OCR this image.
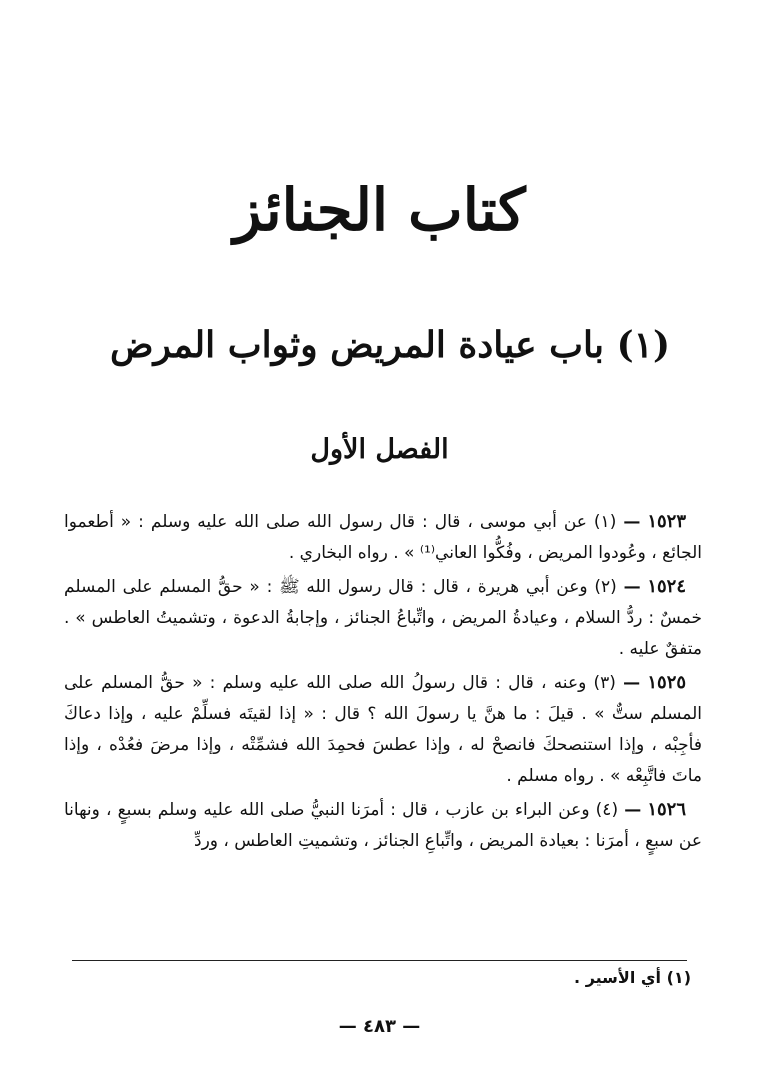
كتاب الجنائز
(١) باب عيادة المريض وثواب المرض
الفصل الأول

١٥٢٣ — (١) عن أبي موسى ، قال : قال رسول الله صلى الله عليه وسلم : « أطعموا الجائع ، وعُودوا المريض ، وفُكُّوا العاني⁽¹⁾ » . رواه البخاري .

١٥٢٤ — (٢) وعن أبي هريرة ، قال : قال رسول الله ﷺ : « حقُّ المسلم على المسلم خمسٌ : ردُّ السلام ، وعيادةُ المريض ، واتِّباعُ الجنائز ، وإجابةُ الدعوة ، وتشميتُ العاطس » . متفقٌ عليه .

١٥٢٥ — (٣) وعنه ، قال : قال رسولُ الله صلى الله عليه وسلم : « حقُّ المسلم على المسلم ستٌّ » . قيلَ : ما هنَّ يا رسولَ الله ؟ قال : « إذا لقيتَه فسلِّمْ عليه ، وإذا دعاكَ فأجِبْه ، وإذا استنصحكَ فانصحْ له ، وإذا عطسَ فحمِدَ الله فشمِّتْه ، وإذا مرضَ فعُدْه ، وإذا ماتَ فاتَّبِعْه » . رواه مسلم .

١٥٢٦ — (٤) وعن البراء بن عازب ، قال : أمرَنا النبيُّ صلى الله عليه وسلم بسبعٍ ، ونهانا عن سبعٍ ، أمرَنا : بعيادة المريض ، واتِّباعِ الجنائز ، وتشميتِ العاطس ، وردِّ

(١) أي الأسير .
— ٤٨٣ —
